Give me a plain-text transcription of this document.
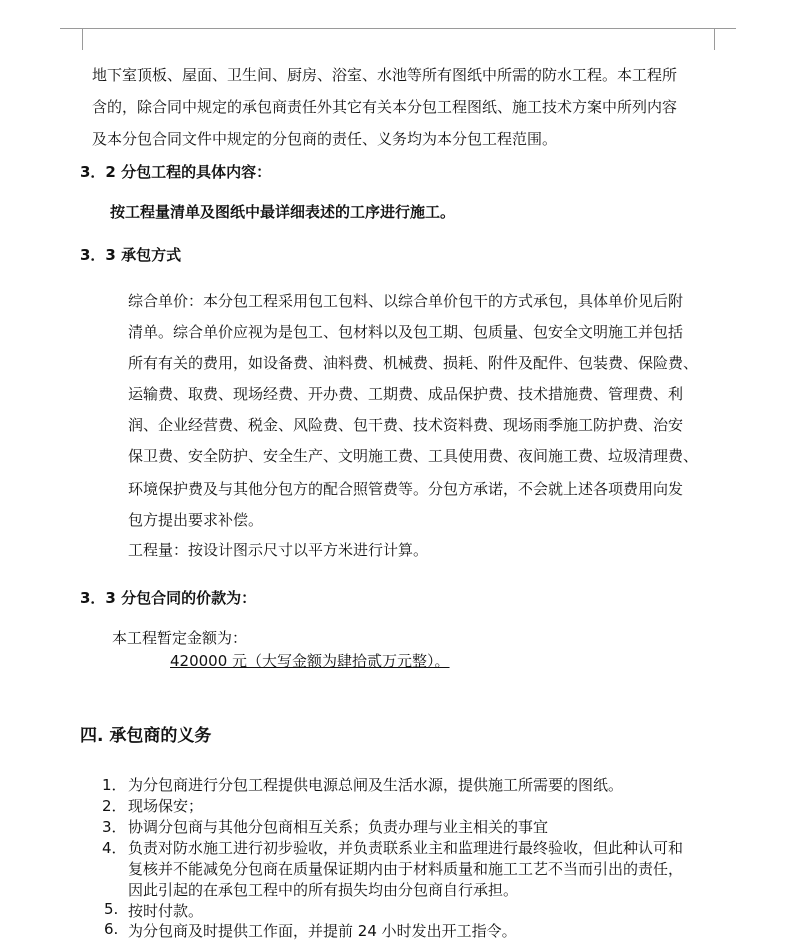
地下室顶板、屋面、卫生间、厨房、浴室、水池等所有图纸中所需的防水工程。本工程所
含的，除合同中规定的承包商责任外其它有关本分包工程图纸、施工技术方案中所列内容
及本分包合同文件中规定的分包商的责任、义务均为本分包工程范围。
3．2 分包工程的具体内容：
按工程量清单及图纸中最详细表述的工序进行施工。
3．3 承包方式
综合单价：本分包工程采用包工包料、以综合单价包干的方式承包，具体单价见后附
清单。综合单价应视为是包工、包材料以及包工期、包质量、包安全文明施工并包括
所有有关的费用，如设备费、油料费、机械费、损耗、附件及配件、包装费、保险费、
运输费、取费、现场经费、开办费、工期费、成品保护费、技术措施费、管理费、利
润、企业经营费、税金、风险费、包干费、技术资料费、现场雨季施工防护费、治安
保卫费、安全防护、安全生产、文明施工费、工具使用费、夜间施工费、垃圾清理费、
环境保护费及与其他分包方的配合照管费等。分包方承诺，不会就上述各项费用向发
包方提出要求补偿。
工程量：按设计图示尺寸以平方米进行计算。
3．3 分包合同的价款为：
本工程暂定金额为：
420000 元（大写金额为肆拾贰万元整）。
四. 承包商的义务
1． 为分包商进行分包工程提供电源总闸及生活水源，提供施工所需要的图纸。
2． 现场保安；
3． 协调分包商与其他分包商相互关系；负责办理与业主相关的事宜
4． 负责对防水施工进行初步验收，并负责联系业主和监理进行最终验收，但此种认可和
复核并不能减免分包商在质量保证期内由于材料质量和施工工艺不当而引出的责任，
因此引起的在承包工程中的所有损失均由分包商自行承担。
5. 按时付款。
6. 为分包商及时提供工作面，并提前 24 小时发出开工指令。
